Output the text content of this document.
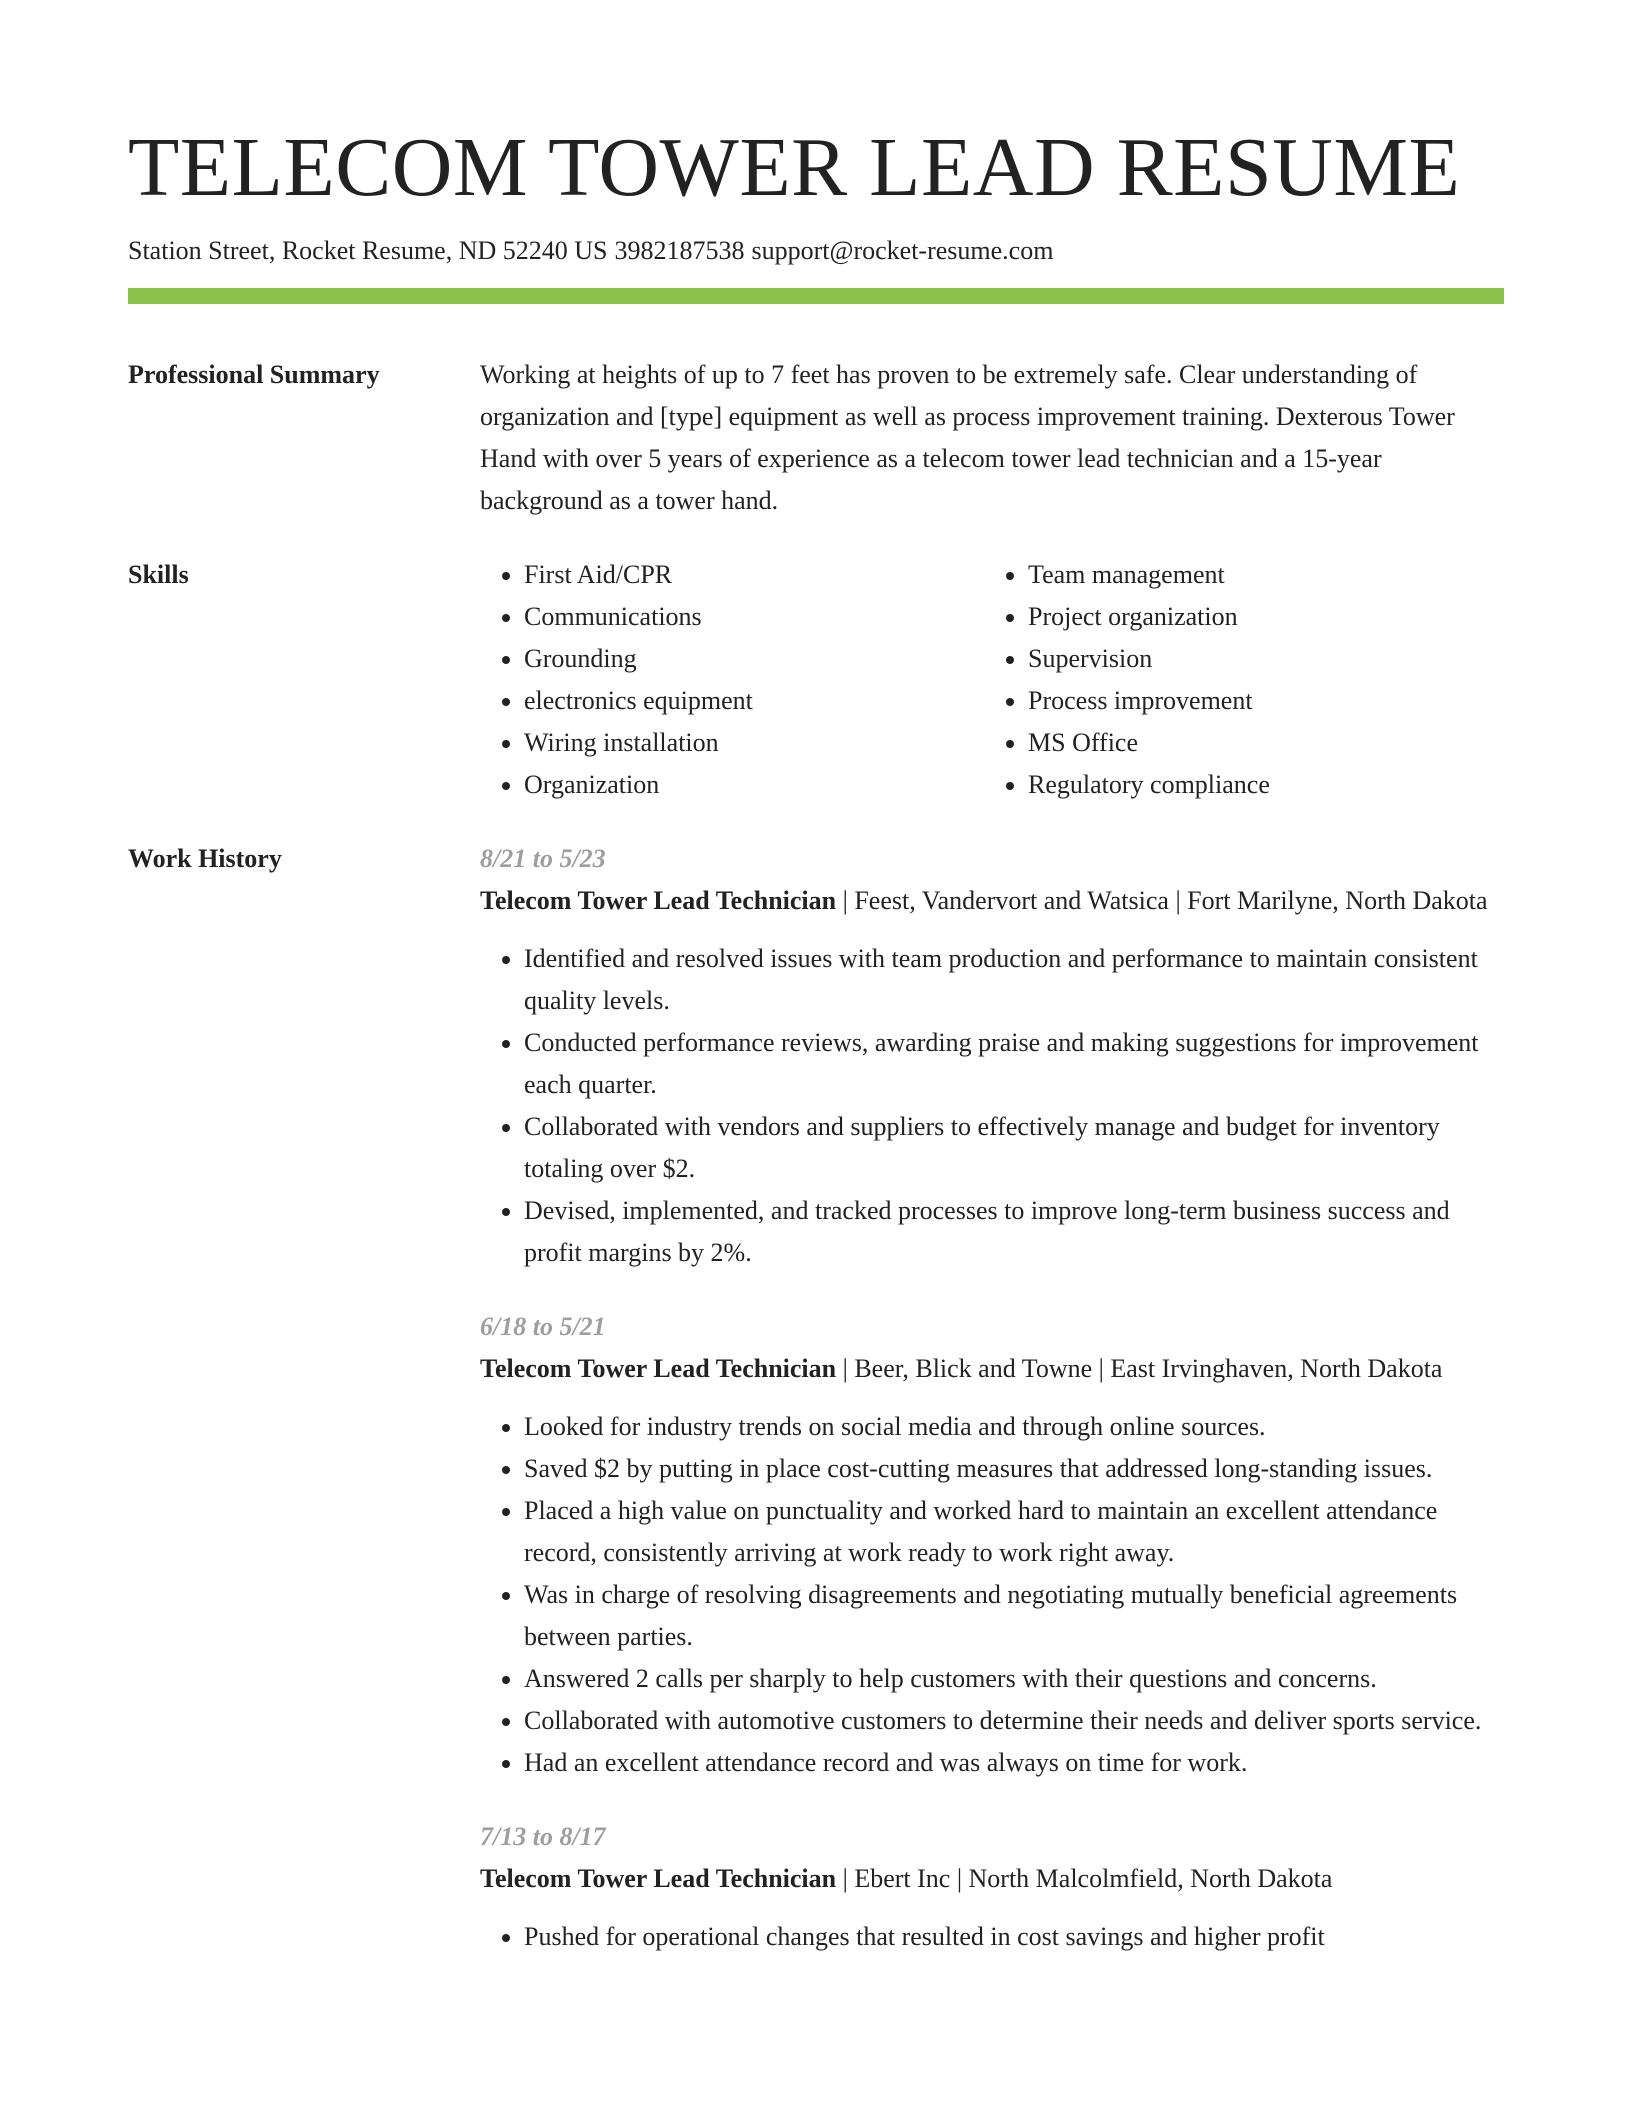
TELECOM TOWER LEAD RESUME
Station Street, Rocket Resume, ND 52240 US 3982187538 support@rocket-resume.com
Professional Summary	Working at heights of up to 7 feet has proven to be extremely safe. Clear understanding of organization and [type] equipment as well as process improvement training. Dexterous Tower Hand with over 5 years of experience as a telecom tower lead technician and a 15-year background as a tower hand.

Skills
•	First Aid/CPR
• Communications
• Grounding
• electronics equipment
• Wiring installation
• Organization
• Team management
• Project organization
• Supervision
• Process improvement
• MS Office
• Regulatory compliance
Work History	8/21 to 5/23
Telecom Tower Lead Technician | Feest, Vandervort and Watsica | Fort Marilyne, North Dakota
• Identified and resolved issues with team production and performance to maintain consistent quality levels.
• Conducted performance reviews, awarding praise and making suggestions for improvement each quarter.
• Collaborated with vendors and suppliers to effectively manage and budget for inventory totaling over $2.
• Devised, implemented, and tracked processes to improve long-term business success and profit margins by 2%.
6/18 to 5/21
Telecom Tower Lead Technician | Beer, Blick and Towne | East Irvinghaven, North Dakota
• Looked for industry trends on social media and through online sources.
• Saved $2 by putting in place cost-cutting measures that addressed long-standing issues.
• Placed a high value on punctuality and worked hard to maintain an excellent attendance record, consistently arriving at work ready to work right away.
• Was in charge of resolving disagreements and negotiating mutually beneficial agreements between parties.
• Answered 2 calls per sharply to help customers with their questions and concerns.
• Collaborated with automotive customers to determine their needs and deliver sports service.
• Had an excellent attendance record and was always on time for work.
7/13 to 8/17
Telecom Tower Lead Technician | Ebert Inc | North Malcolmfield, North Dakota
• Pushed for operational changes that resulted in cost savings and higher profit
